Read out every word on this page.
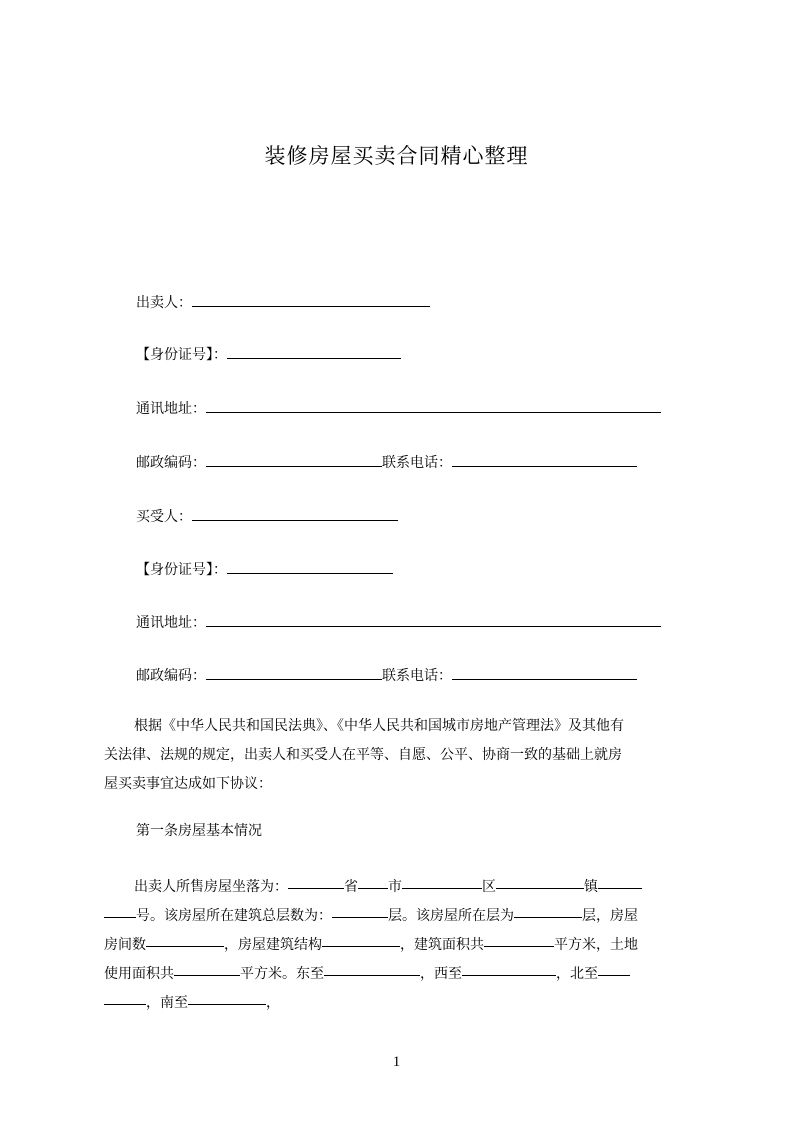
装修房屋买卖合同精心整理
出卖人：
【身份证号】：
通讯地址：
邮政编码：	联系电话：
买受人：
【身份证号】：
通讯地址：
邮政编码：	联系电话：
根据《中华人民共和国民法典》、《中华人民共和国城市房地产管理法》及其他有
关法律、法规的规定，出卖人和买受人在平等、自愿、公平、协商一致的基础上就房
屋买卖事宜达成如下协议：
第一条房屋基本情况
出卖人所售房屋坐落为：	省 市	区	镇
号。该房屋所在建筑总层数为：	层。该房屋所在层为	层，房屋
房间数	，房屋建筑结构	，建筑面积共	平方米，土地
使用面积共	平方米。东至	，西至	，北至
，南至	，
1
